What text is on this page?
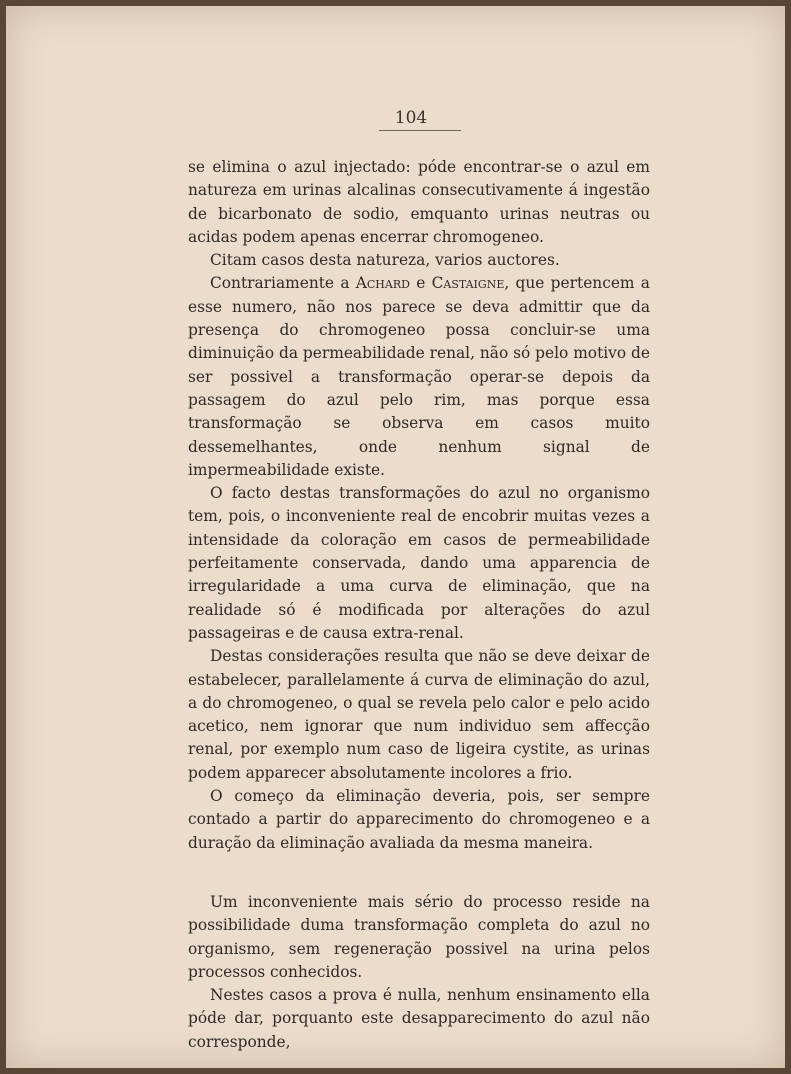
104

se elimina o azul injectado: póde encontrar-se o azul em natureza em urinas alcalinas consecutivamente á ingestão de bicarbonato de sodio, emquanto urinas neutras ou acidas podem apenas encerrar chromogeneo.

Citam casos desta natureza, varios auctores.

Contrariamente a Achard e Castaigne, que pertencem a esse numero, não nos parece se deva admittir que da presença do chromogeneo possa concluir-se uma diminuição da permeabilidade renal, não só pelo motivo de ser possivel a transformação operar-se depois da passagem do azul pelo rim, mas porque essa transformação se observa em casos muito dessemelhantes, onde nenhum signal de impermeabilidade existe.

O facto destas transformações do azul no organismo tem, pois, o inconveniente real de encobrir muitas vezes a intensidade da coloração em casos de permeabilidade perfeitamente conservada, dando uma apparencia de irregularidade a uma curva de eliminação, que na realidade só é modificada por alterações do azul passageiras e de causa extra-renal.

Destas considerações resulta que não se deve deixar de estabelecer, parallelamente á curva de eliminação do azul, a do chromogeneo, o qual se revela pelo calor e pelo acido acetico, nem ignorar que num individuo sem affecção renal, por exemplo num caso de ligeira cystite, as urinas podem apparecer absolutamente incolores a frio.

O começo da eliminação deveria, pois, ser sempre contado a partir do apparecimento do chromogeneo e a duração da eliminação avaliada da mesma maneira.

Um inconveniente mais sério do processo reside na possibilidade duma transformação completa do azul no organismo, sem regeneração possivel na urina pelos processos conhecidos.

Nestes casos a prova é nulla, nenhum ensinamento ella póde dar, porquanto este desapparecimento do azul não corresponde,
